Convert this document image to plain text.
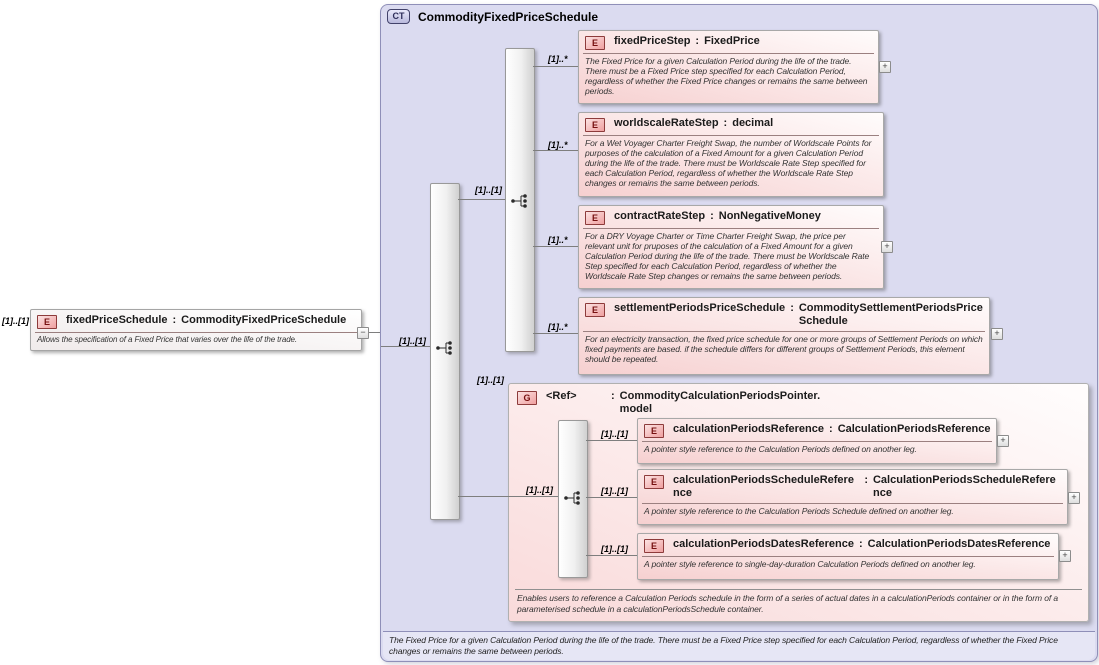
[1]..[1]	E	fixedPriceSchedule : CommodityFixedPriceSchedule
Allows the specification of a Fixed Price that varies over the life of the trade.
−
CT	CommodityFixedPriceSchedule
The Fixed Price for a given Calculation Period during the life of the trade. There must be a Fixed Price step specified for each Calculation Period, regardless of whether the Fixed Price changes or remains the same between periods.
[1]..[1]
[1]..[1]
[1]..*
E	fixedPriceStep : FixedPrice
The Fixed Price for a given Calculation Period during the life of the trade. There must be a Fixed Price step specified for each Calculation Period, regardless of whether the Fixed Price changes or remains the same between periods.
+
[1]..*
E	worldscaleRateStep : decimal
For a Wet Voyager Charter Freight Swap, the number of Worldscale Points for purposes of the calculation of a Fixed Amount for a given Calculation Period during the life of the trade. There must be Worldscale Rate Step specified for each Calculation Period, regardless of whether the Worldscale Rate Step changes or remains the same between periods.
[1]..*
E	contractRateStep : NonNegativeMoney
For a DRY Voyage Charter or Time Charter Freight Swap, the price per relevant unit for pruposes of the calculation of a Fixed Amount for a given Calculation Period during the life of the trade. There must be Worldscale Rate Step specified for each Calculation Period, regardless of whether the Worldscale Rate Step changes or remains the same between periods.
+
[1]..*
E	settlementPeriodsPriceSchedule : CommoditySettlementPeriodsPriceSchedule
For an electricity transaction, the fixed price schedule for one or more groups of Settlement Periods on which fixed payments are based. if the schedule differs for different groups of Settlement Periods, this element should be repeated.
+
[1]..[1]
G	<Ref>	: CommodityCalculationPeriodsPointer.model
Enables users to reference a Calculation Periods schedule in the form of a series of actual dates in a calculationPeriods container or in the form of a parameterised schedule in a calculationPeriodsSchedule container.
[1]..[1]
[1]..[1]	E	calculationPeriodsReference : CalculationPeriodsReference
A pointer style reference to the Calculation Periods defined on another leg.
+
[1]..[1]
E	calculationPeriodsScheduleReference
: CalculationPeriodsScheduleReference
A pointer style reference to the Calculation Periods Schedule defined on another leg.
+
[1]..[1]	E	calculationPeriodsDatesReference : CalculationPeriodsDatesReference
A pointer style reference to single-day-duration Calculation Periods defined on another leg.
+
